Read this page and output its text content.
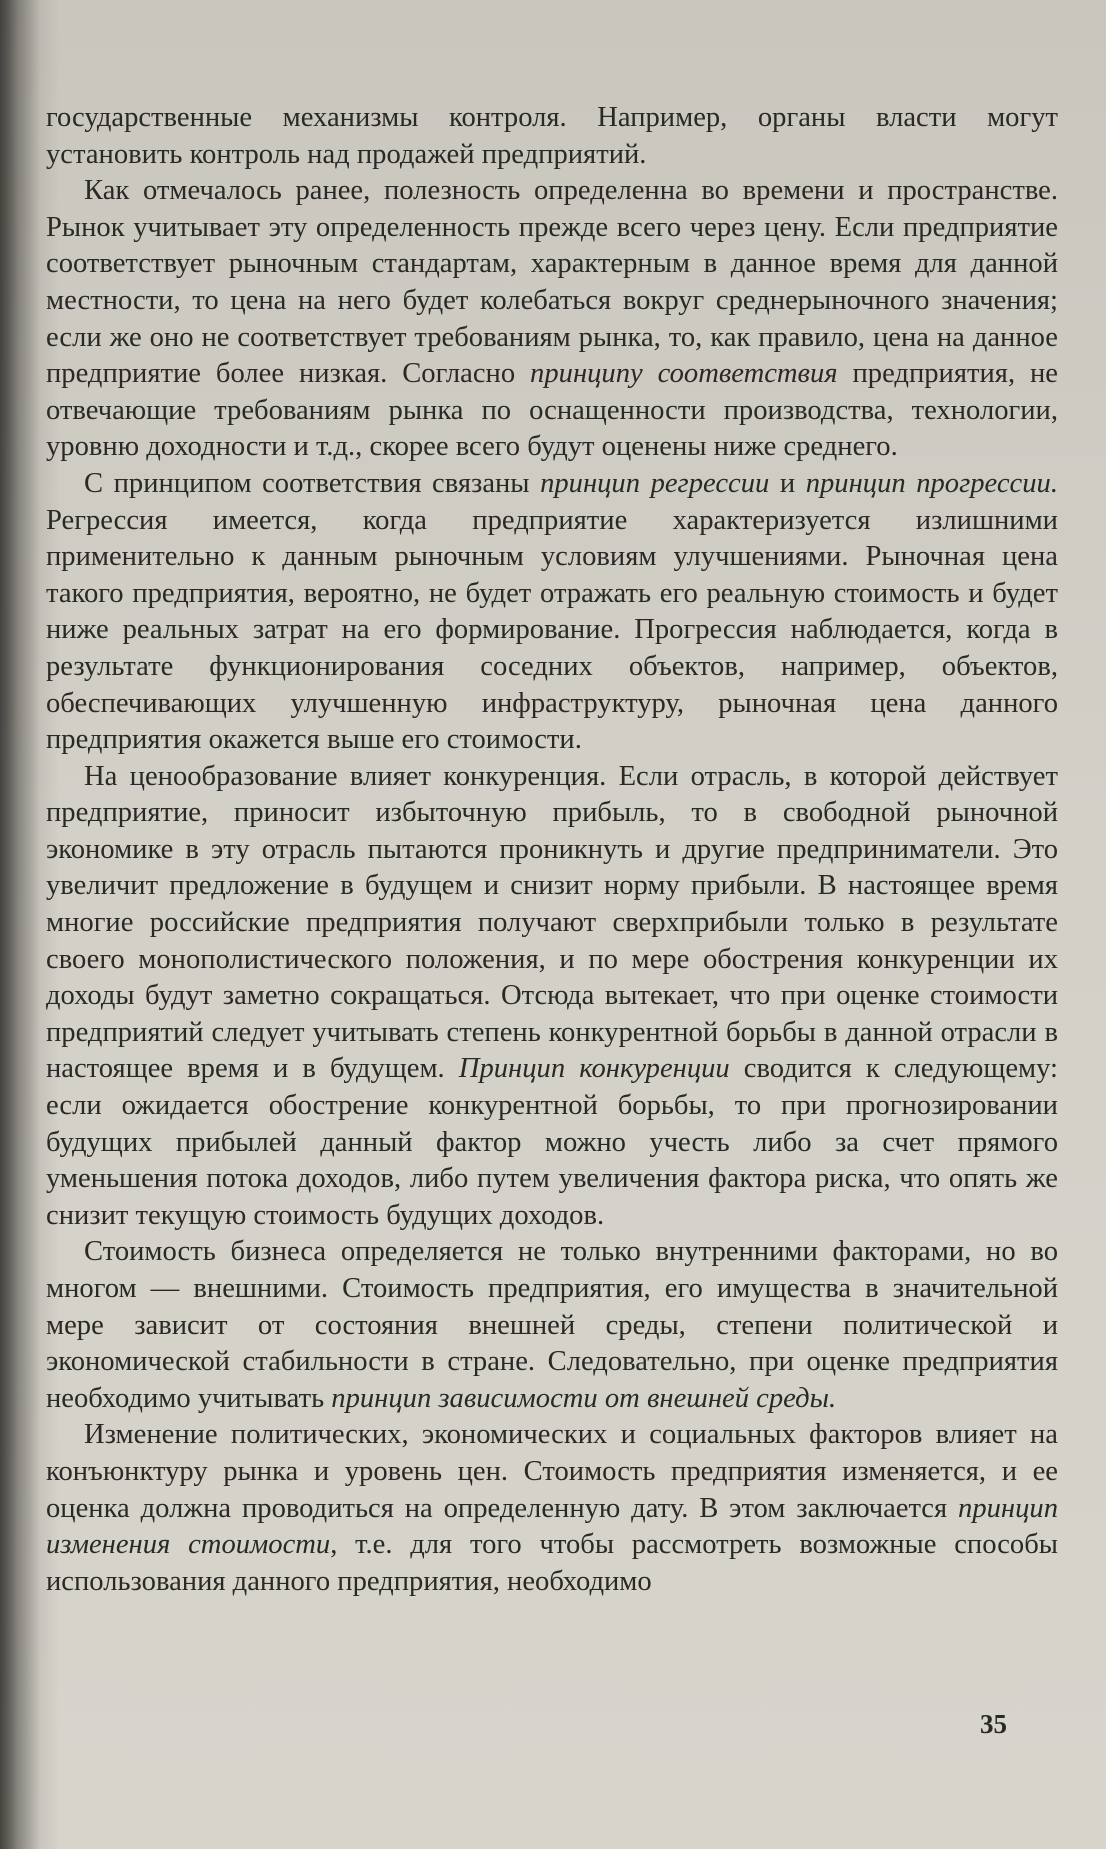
государственные механизмы контроля. Например, органы власти могут установить контроль над продажей предприятий.

Как отмечалось ранее, полезность определенна во времени и пространстве. Рынок учитывает эту определенность прежде всего через цену. Если предприятие соответствует рыночным стандартам, характерным в данное время для данной местности, то цена на него будет колебаться вокруг среднерыночного значения; если же оно не соответствует требованиям рынка, то, как правило, цена на данное предприятие более низкая. Согласно принципу соответствия предприятия, не отвечающие требованиям рынка по оснащенности производства, технологии, уровню доходности и т.д., скорее всего будут оценены ниже среднего.

С принципом соответствия связаны принцип регрессии и принцип прогрессии. Регрессия имеется, когда предприятие характеризуется излишними применительно к данным рыночным условиям улучшениями. Рыночная цена такого предприятия, вероятно, не будет отражать его реальную стоимость и будет ниже реальных затрат на его формирование. Прогрессия наблюдается, когда в результате функционирования соседних объектов, например, объектов, обеспечивающих улучшенную инфраструктуру, рыночная цена данного предприятия окажется выше его стоимости.

На ценообразование влияет конкуренция. Если отрасль, в которой действует предприятие, приносит избыточную прибыль, то в свободной рыночной экономике в эту отрасль пытаются проникнуть и другие предприниматели. Это увеличит предложение в будущем и снизит норму прибыли. В настоящее время многие российские предприятия получают сверхприбыли только в результате своего монополистического положения, и по мере обострения конкуренции их доходы будут заметно сокращаться. Отсюда вытекает, что при оценке стоимости предприятий следует учитывать степень конкурентной борьбы в данной отрасли в настоящее время и в будущем. Принцип конкуренции сводится к следующему: если ожидается обострение конкурентной борьбы, то при прогнозировании будущих прибылей данный фактор можно учесть либо за счет прямого уменьшения потока доходов, либо путем увеличения фактора риска, что опять же снизит текущую стоимость будущих доходов.

Стоимость бизнеса определяется не только внутренними факторами, но во многом — внешними. Стоимость предприятия, его имущества в значительной мере зависит от состояния внешней среды, степени политической и экономической стабильности в стране. Следовательно, при оценке предприятия необходимо учитывать принцип зависимости от внешней среды.

Изменение политических, экономических и социальных факторов влияет на конъюнктуру рынка и уровень цен. Стоимость предприятия изменяется, и ее оценка должна проводиться на определенную дату. В этом заключается принцип изменения стоимости, т.е. для того чтобы рассмотреть возможные способы использования данного предприятия, необходимо

35
